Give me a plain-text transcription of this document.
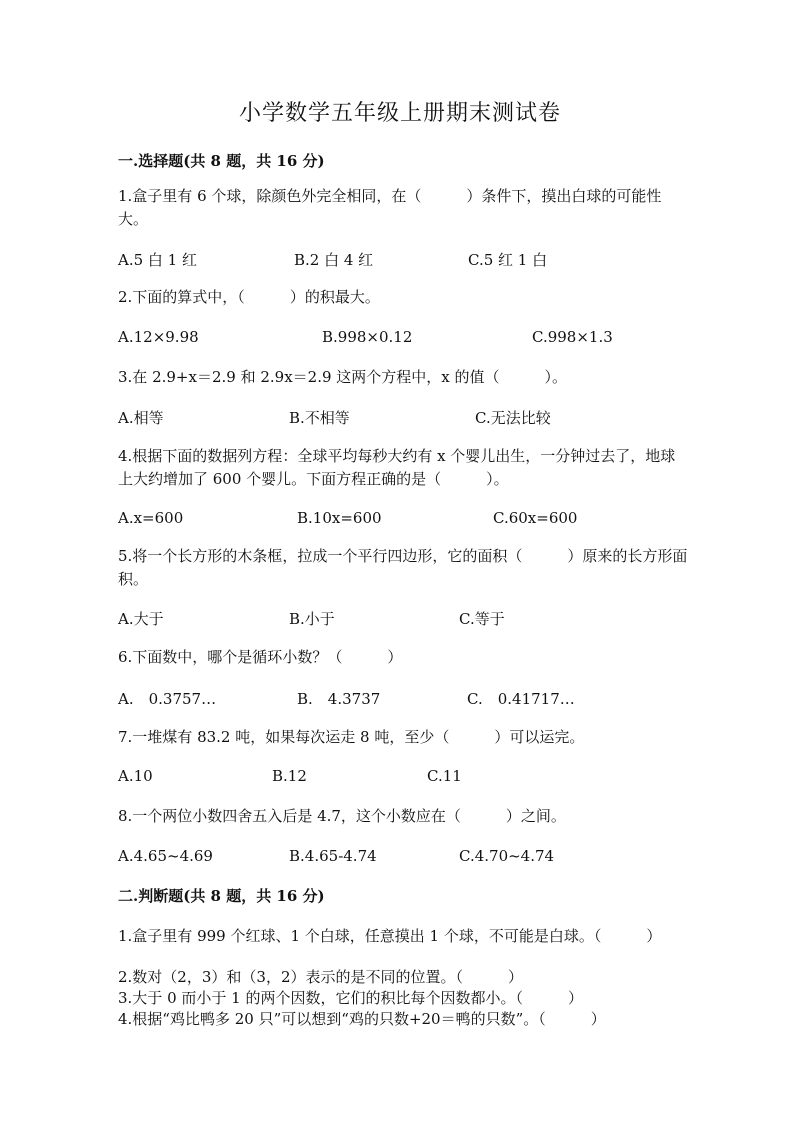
小学数学五年级上册期末测试卷
一.选择题(共 8 题，共 16 分)
1.盒子里有 6 个球，除颜色外完全相同，在（　　　）条件下，摸出白球的可能性大。
A.5 白 1 红	B.2 白 4 红	C.5 红 1 白
2.下面的算式中，（　　　）的积最大。
A.12×9.98	B.998×0.12	C.998×1.3
3.在 2.9+x＝2.9 和 2.9x＝2.9 这两个方程中，x 的值（　　　）。
A.相等	B.不相等	C.无法比较
4.根据下面的数据列方程：全球平均每秒大约有 x 个婴儿出生，一分钟过去了，地球上大约增加了 600 个婴儿。下面方程正确的是（　　　）。
A.x=600	B.10x=600	C.60x=600
5.将一个长方形的木条框，拉成一个平行四边形，它的面积（　　　）原来的长方形面积。
A.大于	B.小于	C.等于
6.下面数中，哪个是循环小数？（　　　）
A.　0.3757…	B.　4.3737	C.　0.41717…
7.一堆煤有 83.2 吨，如果每次运走 8 吨，至少（　　　）可以运完。
A.10	B.12	C.11
8.一个两位小数四舍五入后是 4.7，这个小数应在（　　　）之间。
A.4.65~4.69	B.4.65-4.74	C.4.70~4.74
二.判断题(共 8 题，共 16 分)
1.盒子里有 999 个红球、1 个白球，任意摸出 1 个球，不可能是白球。（　　　）
2.数对（2，3）和（3，2）表示的是不同的位置。（　　　）
3.大于 0 而小于 1 的两个因数，它们的积比每个因数都小。（　　　）
4.根据“鸡比鸭多 20 只”可以想到“鸡的只数+20＝鸭的只数”。（　　　）
